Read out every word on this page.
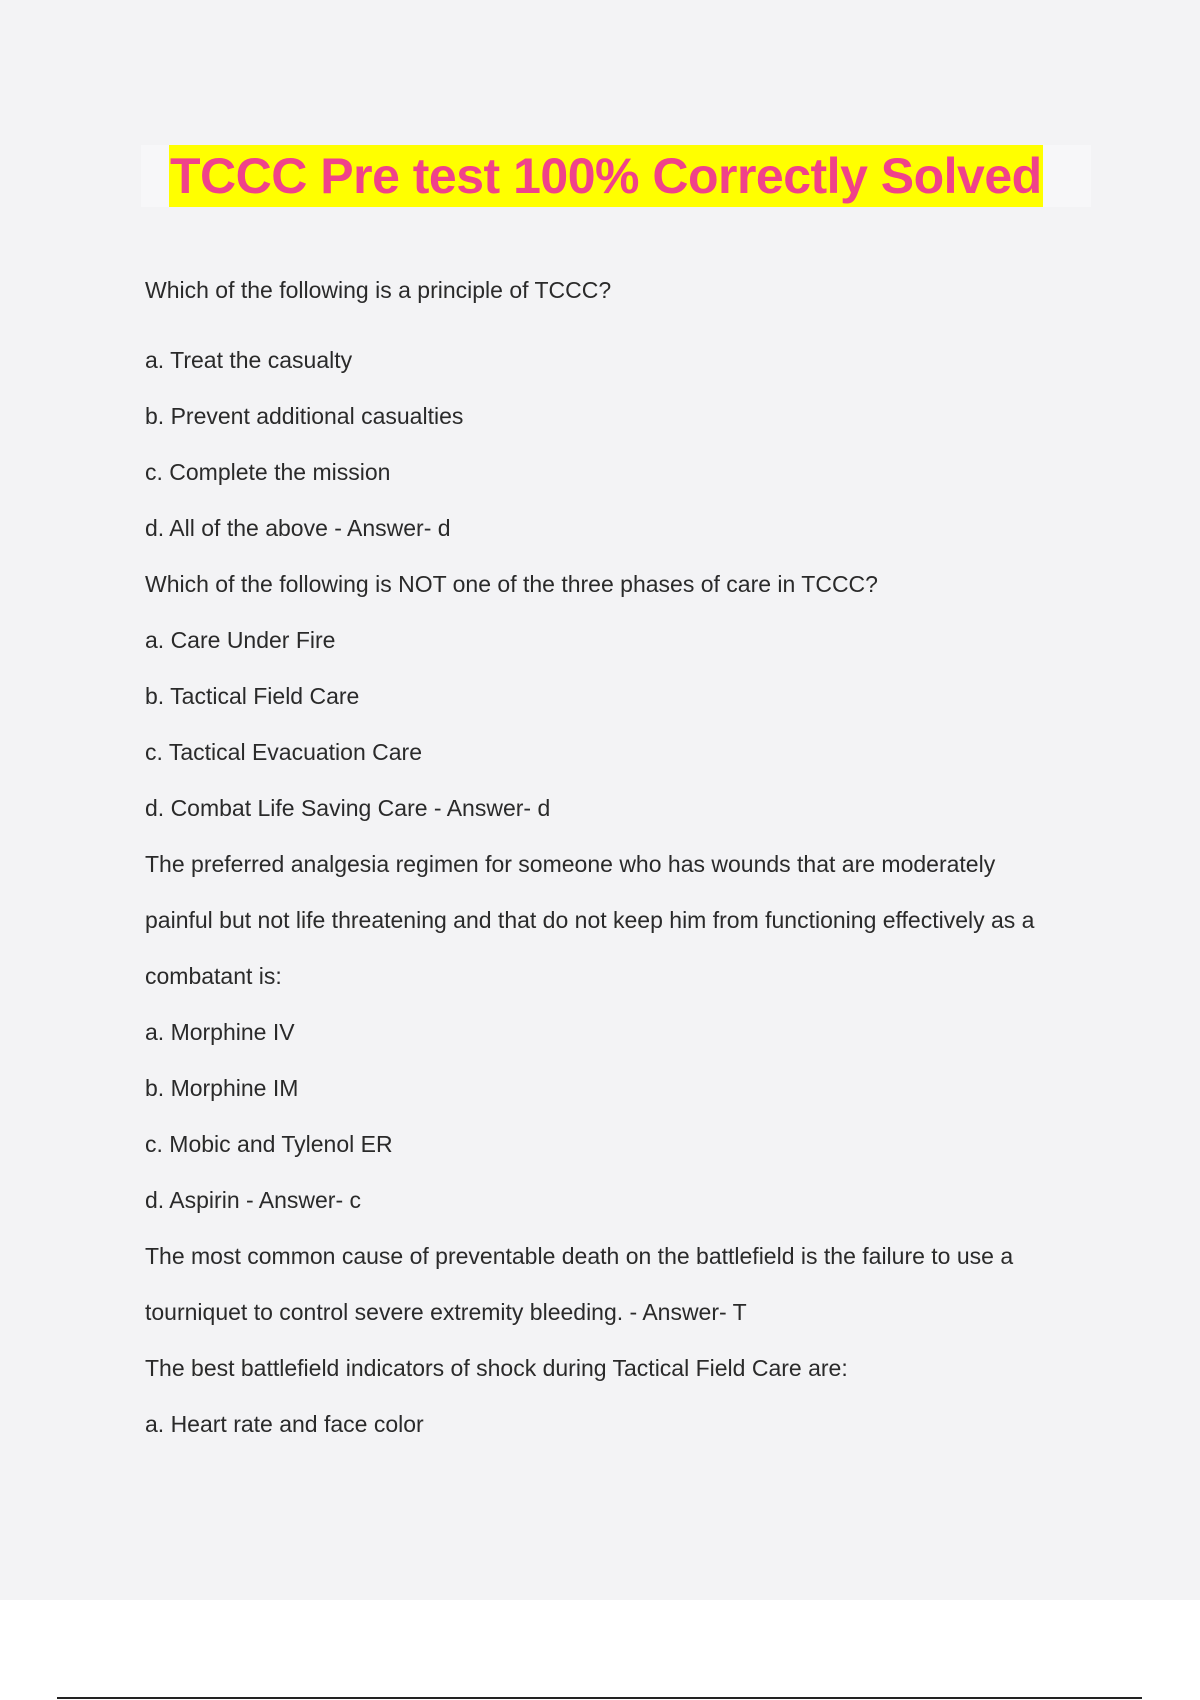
TCCC Pre test 100% Correctly Solved
Which of the following is a principle of TCCC?
a. Treat the casualty
b. Prevent additional casualties
c. Complete the mission
d. All of the above - Answer- d
Which of the following is NOT one of the three phases of care in TCCC?
a. Care Under Fire
b. Tactical Field Care
c. Tactical Evacuation Care
d. Combat Life Saving Care - Answer- d
The preferred analgesia regimen for someone who has wounds that are moderately
painful but not life threatening and that do not keep him from functioning effectively as a
combatant is:
a. Morphine IV
b. Morphine IM
c. Mobic and Tylenol ER
d. Aspirin - Answer- c
The most common cause of preventable death on the battlefield is the failure to use a
tourniquet to control severe extremity bleeding. - Answer- T
The best battlefield indicators of shock during Tactical Field Care are:
a. Heart rate and face color
